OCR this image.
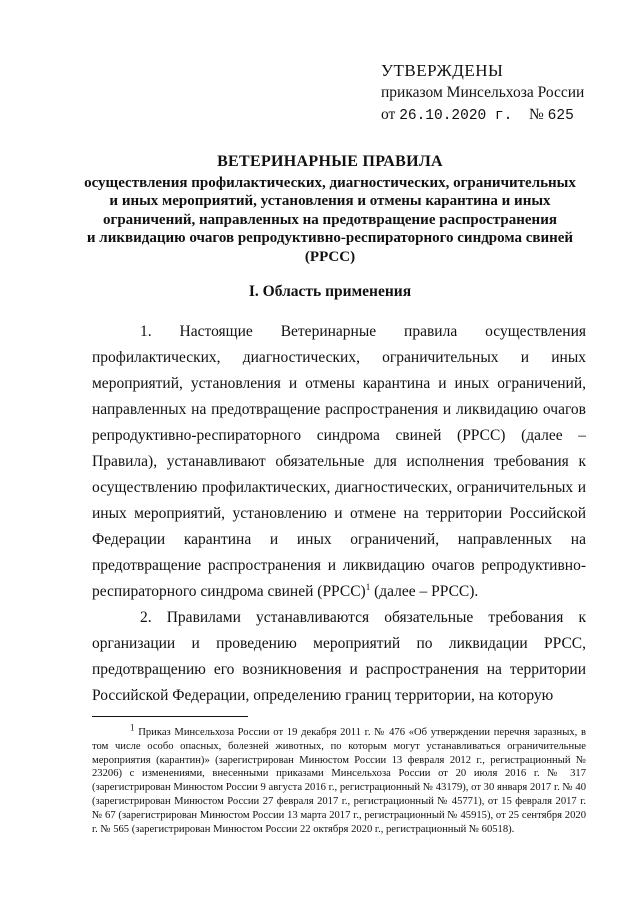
УТВЕРЖДЕНЫ
приказом Минсельхоза России
от 26.10.2020 г. № 625
ВЕТЕРИНАРНЫЕ ПРАВИЛА
осуществления профилактических, диагностических, ограничительных
и иных мероприятий, установления и отмены карантина и иных
ограничений, направленных на предотвращение распространения
и ликвидацию очагов репродуктивно-респираторного синдрома свиней
(РРСС)
I. Область применения

1. Настоящие Ветеринарные правила осуществления профилактических, диагностических, ограничительных и иных мероприятий, установления и отмены карантина и иных ограничений, направленных на предотвращение распространения и ликвидацию очагов репродуктивно-респираторного синдрома свиней (РРСС) (далее – Правила), устанавливают обязательные для исполнения требования к осуществлению профилактических, диагностических, ограничительных и иных мероприятий, установлению и отмене на территории Российской Федерации карантина и иных ограничений, направленных на предотвращение распространения и ликвидацию очагов репродуктивно-респираторного синдрома свиней (РРСС)$^1$ (далее – РРСС).

2. Правилами устанавливаются обязательные требования к организации и проведению мероприятий по ликвидации РРСС, предотвращению его возникновения и распространения на территории Российской Федерации, определению границ территории, на которую

$^1$ Приказ Минсельхоза России от 19 декабря 2011 г. № 476 «Об утверждении перечня заразных, в том числе особо опасных, болезней животных, по которым могут устанавливаться ограничительные мероприятия (карантин)» (зарегистрирован Минюстом России 13 февраля 2012 г., регистрационный № 23206) с изменениями, внесенными приказами Минсельхоза России от 20 июля 2016 г. № 317 (зарегистрирован Минюстом России 9 августа 2016 г., регистрационный № 43179), от 30 января 2017 г. № 40 (зарегистрирован Минюстом России 27 февраля 2017 г., регистрационный № 45771), от 15 февраля 2017 г. № 67 (зарегистрирован Минюстом России 13 марта 2017 г., регистрационный № 45915), от 25 сентября 2020 г. № 565 (зарегистрирован Минюстом России 22 октября 2020 г., регистрационный № 60518).
